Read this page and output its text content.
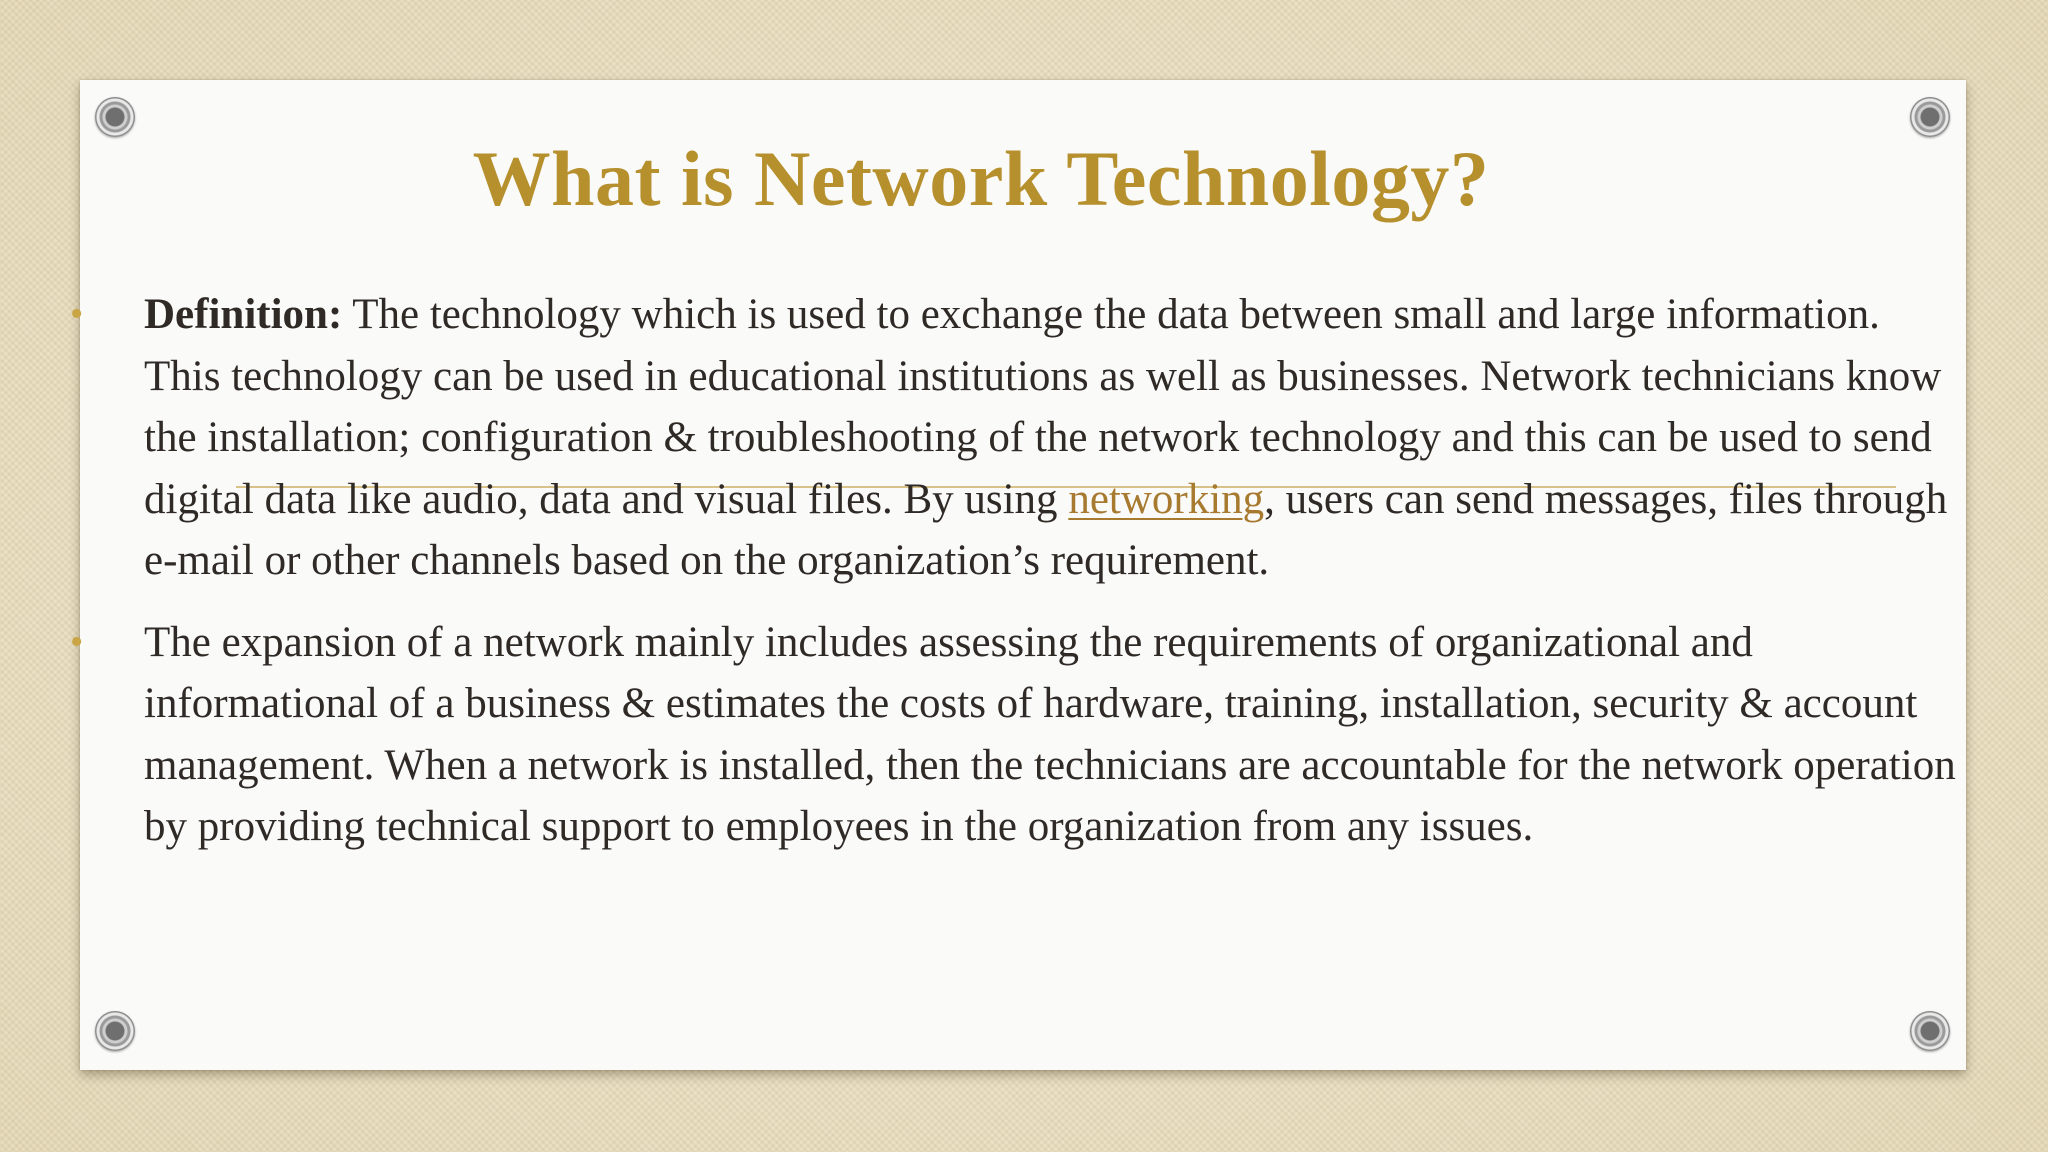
What is Network Technology?
• Definition: The technology which is used to exchange the data between small and large information. This technology can be used in educational institutions as well as businesses. Network technicians know the installation; configuration & troubleshooting of the network technology and this can be used to send digital data like audio, data and visual files. By using networking, users can send messages, files through e-mail or other channels based on the organization’s requirement.
• The expansion of a network mainly includes assessing the requirements of organizational and informational of a business & estimates the costs of hardware, training, installation, security & account management. When a network is installed, then the technicians are accountable for the network operation by providing technical support to employees in the organization from any issues.
